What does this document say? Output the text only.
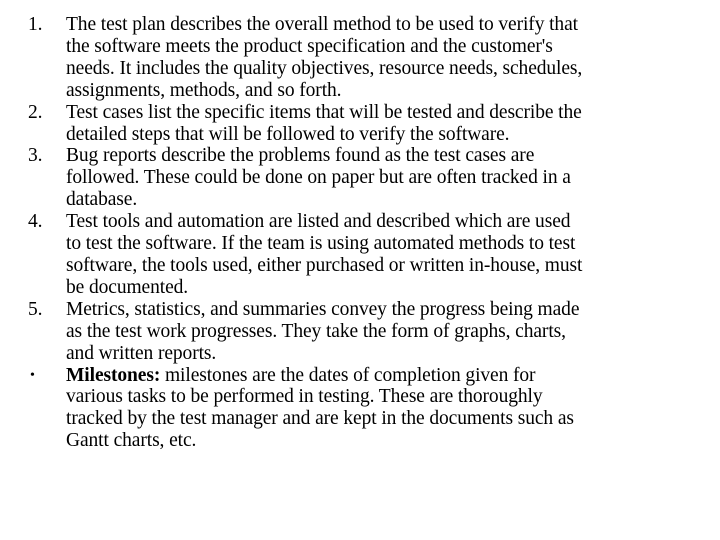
1.	The test plan describes the overall method to be used to verify that
the software meets the product specification and the customer's
needs. It includes the quality objectives, resource needs, schedules,
assignments, methods, and so forth.
2.	Test cases list the specific items that will be tested and describe the
detailed steps that will be followed to verify the software.
3.	Bug reports describe the problems found as the test cases are
followed. These could be done on paper but are often tracked in a
database.
4.	Test tools and automation are listed and described which are used
to test the software. If the team is using automated methods to test
software, the tools used, either purchased or written in-house, must
be documented.
5.	Metrics, statistics, and summaries convey the progress being made
as the test work progresses. They take the form of graphs, charts,
and written reports.
•	Milestones: milestones are the dates of completion given for
various tasks to be performed in testing. These are thoroughly
tracked by the test manager and are kept in the documents such as
Gantt charts, etc.
